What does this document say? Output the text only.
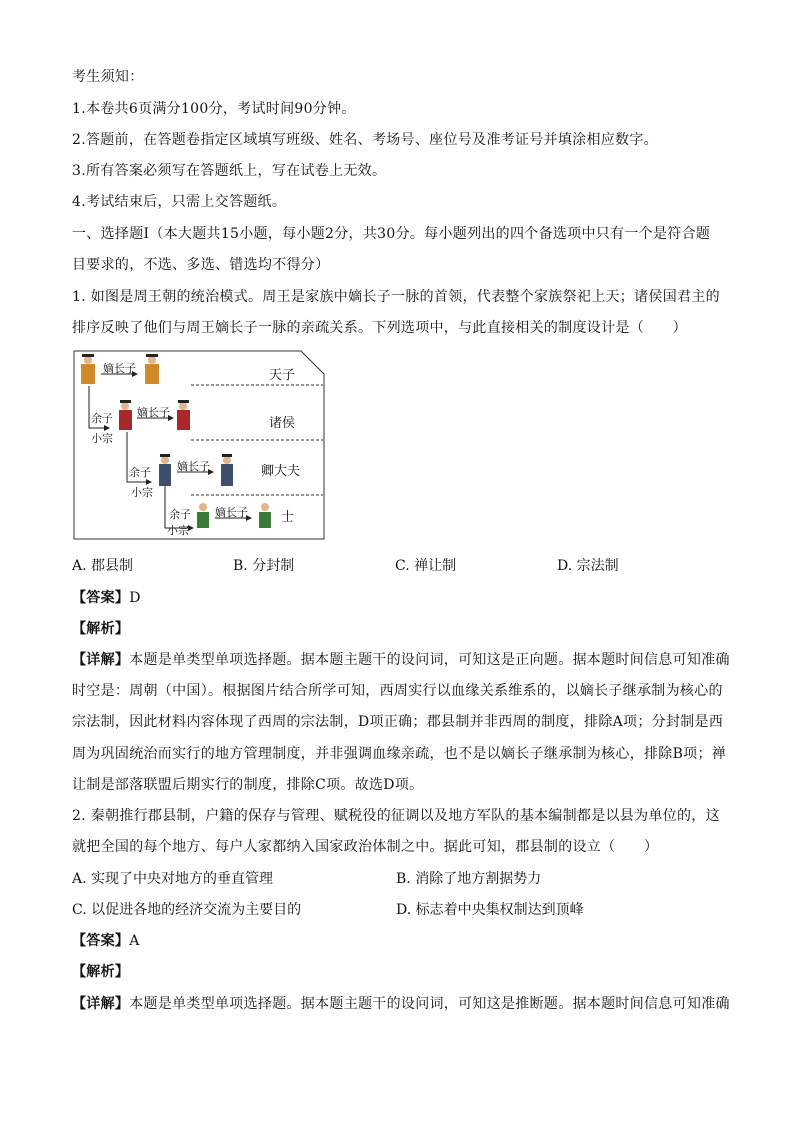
考生须知：
1.本卷共6页满分100分，考试时间90分钟。
2.答题前，在答题卷指定区域填写班级、姓名、考场号、座位号及准考证号并填涂相应数字。
3.所有答案必须写在答题纸上，写在试卷上无效。
4.考试结束后，只需上交答题纸。
一、选择题Ⅰ（本大题共15小题，每小题2分，共30分。每小题列出的四个备选项中只有一个是符合题
目要求的，不选、多选、错选均不得分）
1. 如图是周王朝的统治模式。周王是家族中嫡长子一脉的首领，代表整个家族祭祀上天；诸侯国君主的
排序反映了他们与周王嫡长子一脉的亲疏关系。下列选项中，与此直接相关的制度设计是（　　）
天子
诸侯
卿大夫
士
嫡长子
嫡长子
嫡长子
嫡长子
余子
小宗
余子
小宗
余子
小宗
A. 郡县制	B. 分封制	C. 禅让制	D. 宗法制
【答案】D
【解析】
【详解】本题是单类型单项选择题。据本题主题干的设问词，可知这是正向题。据本题时间信息可知准确
时空是：周朝（中国）。根据图片结合所学可知，西周实行以血缘关系维系的，以嫡长子继承制为核心的
宗法制，因此材料内容体现了西周的宗法制，D项正确；郡县制并非西周的制度，排除A项；分封制是西
周为巩固统治而实行的地方管理制度，并非强调血缘亲疏，也不是以嫡长子继承制为核心，排除B项；禅
让制是部落联盟后期实行的制度，排除C项。故选D项。
2. 秦朝推行郡县制，户籍的保存与管理、赋税役的征调以及地方军队的基本编制都是以县为单位的，这
就把全国的每个地方、每户人家都纳入国家政治体制之中。据此可知，郡县制的设立（　　）
A. 实现了中央对地方的垂直管理	B. 消除了地方割据势力
C. 以促进各地的经济交流为主要目的	D. 标志着中央集权制达到顶峰
【答案】A
【解析】
【详解】本题是单类型单项选择题。据本题主题干的设问词，可知这是推断题。据本题时间信息可知准确
